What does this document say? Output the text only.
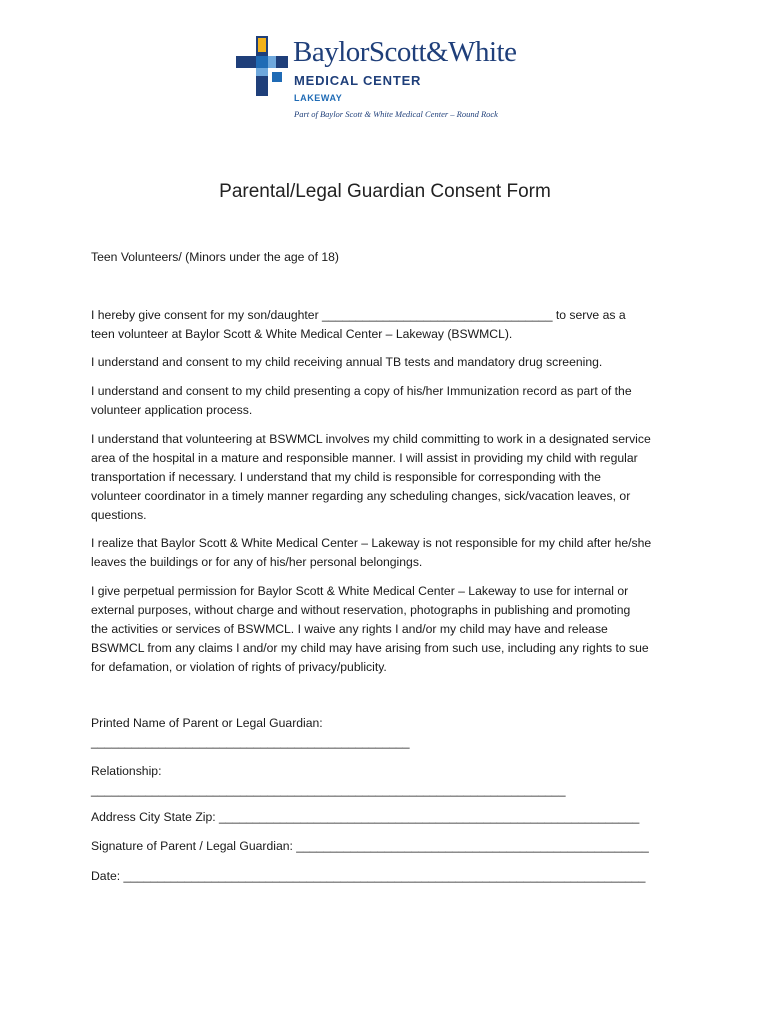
BaylorScott&White
MEDICAL CENTER
LAKEWAY
Part of Baylor Scott & White Medical Center – Round Rock
Parental/Legal Guardian Consent Form

Teen Volunteers/ (Minors under the age of 18)

I hereby give consent for my son/daughter __________________________________ to serve as a
teen volunteer at Baylor Scott & White Medical Center – Lakeway (BSWMCL).
I understand and consent to my child receiving annual TB tests and mandatory drug screening.
I understand and consent to my child presenting a copy of his/her Immunization record as part of the
volunteer application process.
I understand that volunteering at BSWMCL involves my child committing to work in a designated service
area of the hospital in a mature and responsible manner. I will assist in providing my child with regular
transportation if necessary. I understand that my child is responsible for corresponding with the
volunteer coordinator in a timely manner regarding any scheduling changes, sick/vacation leaves, or
questions.
I realize that Baylor Scott & White Medical Center – Lakeway is not responsible for my child after he/she
leaves the buildings or for any of his/her personal belongings.
I give perpetual permission for Baylor Scott & White Medical Center – Lakeway to use for internal or
external purposes, without charge and without reservation, photographs in publishing and promoting
the activities or services of BSWMCL. I waive any rights I and/or my child may have and release
BSWMCL from any claims I and/or my child may have arising from such use, including any rights to sue
for defamation, or violation of rights of privacy/publicity.
Printed Name of Parent or Legal Guardian:
_______________________________________________
Relationship:
______________________________________________________________________
Address City State Zip: ______________________________________________________________
Signature of Parent / Legal Guardian: ____________________________________________________
Date: _____________________________________________________________________________
